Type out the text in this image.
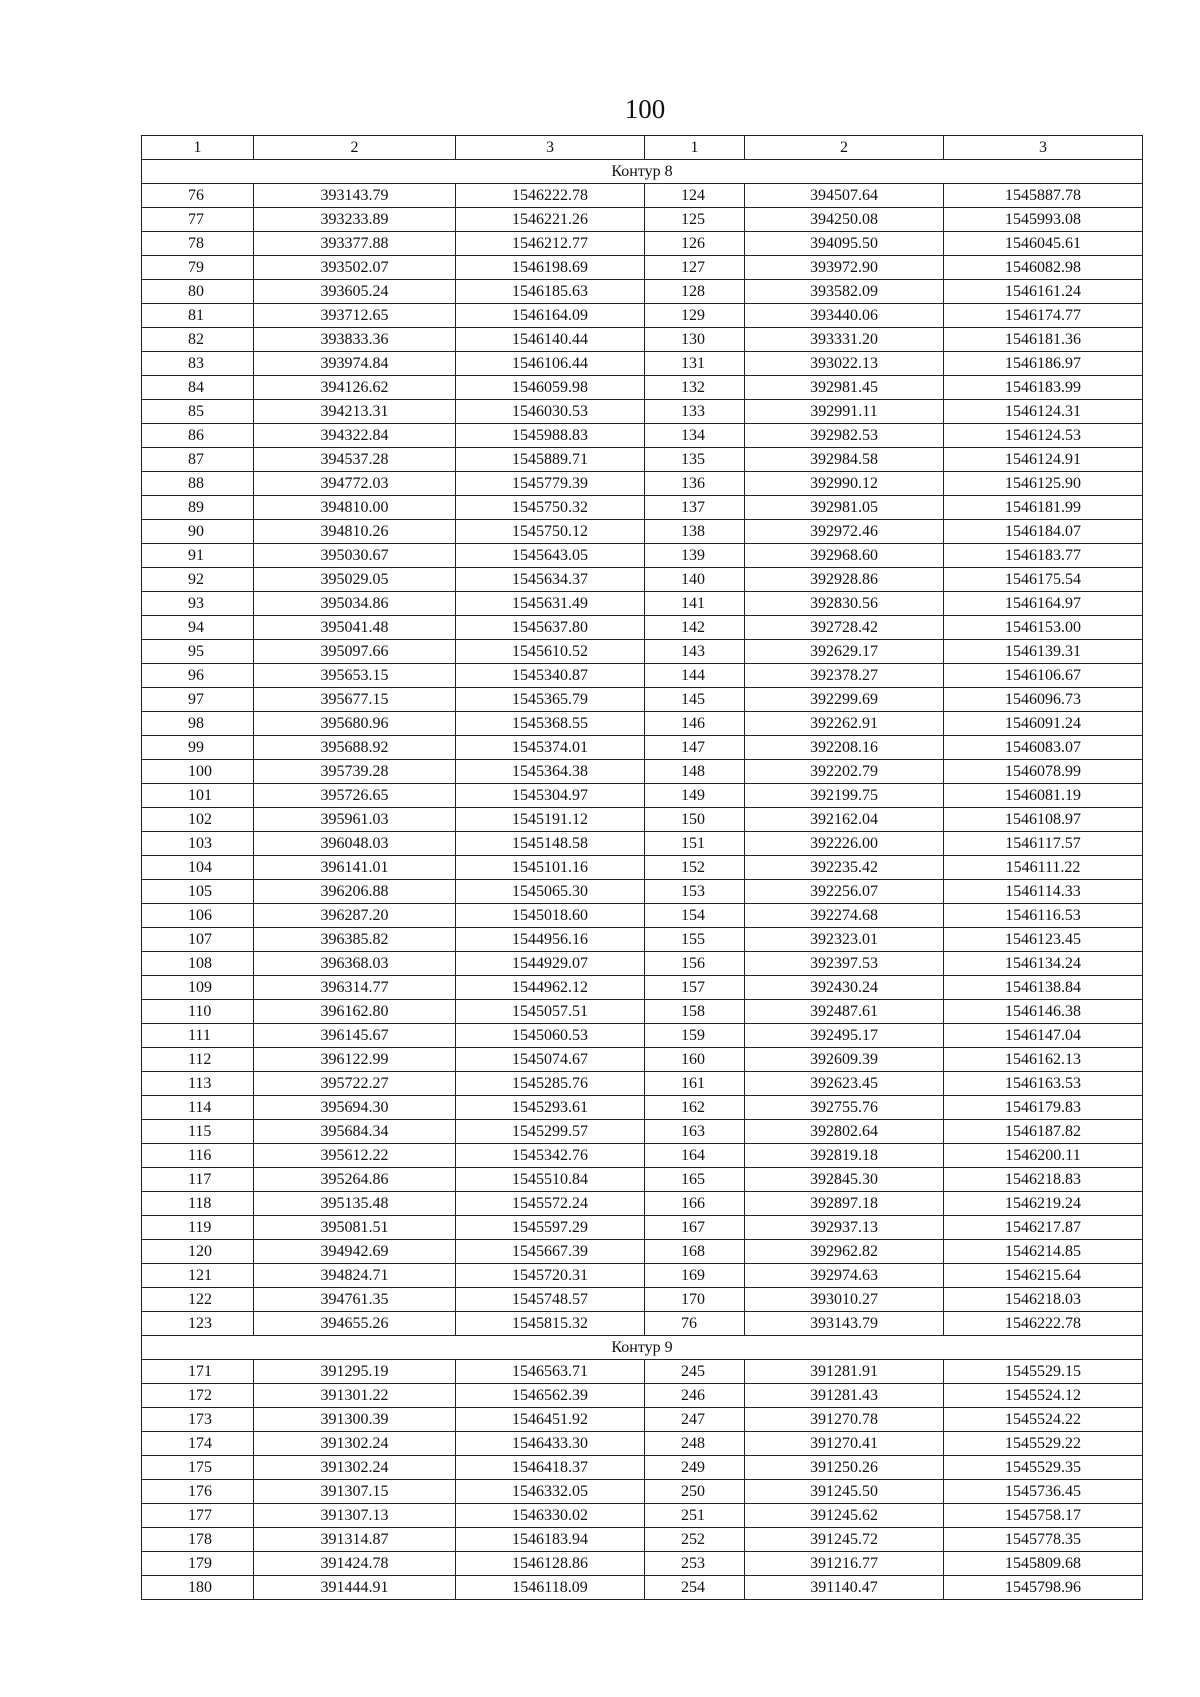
100
1	2	3	1	2	3
Контур 8					
76	393143.79	1546222.78	124	394507.64	1545887.78
77	393233.89	1546221.26	125	394250.08	1545993.08
78	393377.88	1546212.77	126	394095.50	1546045.61
79	393502.07	1546198.69	127	393972.90	1546082.98
80	393605.24	1546185.63	128	393582.09	1546161.24
81	393712.65	1546164.09	129	393440.06	1546174.77
82	393833.36	1546140.44	130	393331.20	1546181.36
83	393974.84	1546106.44	131	393022.13	1546186.97
84	394126.62	1546059.98	132	392981.45	1546183.99
85	394213.31	1546030.53	133	392991.11	1546124.31
86	394322.84	1545988.83	134	392982.53	1546124.53
87	394537.28	1545889.71	135	392984.58	1546124.91
88	394772.03	1545779.39	136	392990.12	1546125.90
89	394810.00	1545750.32	137	392981.05	1546181.99
90	394810.26	1545750.12	138	392972.46	1546184.07
91	395030.67	1545643.05	139	392968.60	1546183.77
92	395029.05	1545634.37	140	392928.86	1546175.54
93	395034.86	1545631.49	141	392830.56	1546164.97
94	395041.48	1545637.80	142	392728.42	1546153.00
95	395097.66	1545610.52	143	392629.17	1546139.31
96	395653.15	1545340.87	144	392378.27	1546106.67
97	395677.15	1545365.79	145	392299.69	1546096.73
98	395680.96	1545368.55	146	392262.91	1546091.24
99	395688.92	1545374.01	147	392208.16	1546083.07
100	395739.28	1545364.38	148	392202.79	1546078.99
101	395726.65	1545304.97	149	392199.75	1546081.19
102	395961.03	1545191.12	150	392162.04	1546108.97
103	396048.03	1545148.58	151	392226.00	1546117.57
104	396141.01	1545101.16	152	392235.42	1546111.22
105	396206.88	1545065.30	153	392256.07	1546114.33
106	396287.20	1545018.60	154	392274.68	1546116.53
107	396385.82	1544956.16	155	392323.01	1546123.45
108	396368.03	1544929.07	156	392397.53	1546134.24
109	396314.77	1544962.12	157	392430.24	1546138.84
110	396162.80	1545057.51	158	392487.61	1546146.38
111	396145.67	1545060.53	159	392495.17	1546147.04
112	396122.99	1545074.67	160	392609.39	1546162.13
113	395722.27	1545285.76	161	392623.45	1546163.53
114	395694.30	1545293.61	162	392755.76	1546179.83
115	395684.34	1545299.57	163	392802.64	1546187.82
116	395612.22	1545342.76	164	392819.18	1546200.11
117	395264.86	1545510.84	165	392845.30	1546218.83
118	395135.48	1545572.24	166	392897.18	1546219.24
119	395081.51	1545597.29	167	392937.13	1546217.87
120	394942.69	1545667.39	168	392962.82	1546214.85
121	394824.71	1545720.31	169	392974.63	1546215.64
122	394761.35	1545748.57	170	393010.27	1546218.03
123	394655.26	1545815.32	76	393143.79	1546222.78
Контур 9					
171	391295.19	1546563.71	245	391281.91	1545529.15
172	391301.22	1546562.39	246	391281.43	1545524.12
173	391300.39	1546451.92	247	391270.78	1545524.22
174	391302.24	1546433.30	248	391270.41	1545529.22
175	391302.24	1546418.37	249	391250.26	1545529.35
176	391307.15	1546332.05	250	391245.50	1545736.45
177	391307.13	1546330.02	251	391245.62	1545758.17
178	391314.87	1546183.94	252	391245.72	1545778.35
179	391424.78	1546128.86	253	391216.77	1545809.68
180	391444.91	1546118.09	254	391140.47	1545798.96
